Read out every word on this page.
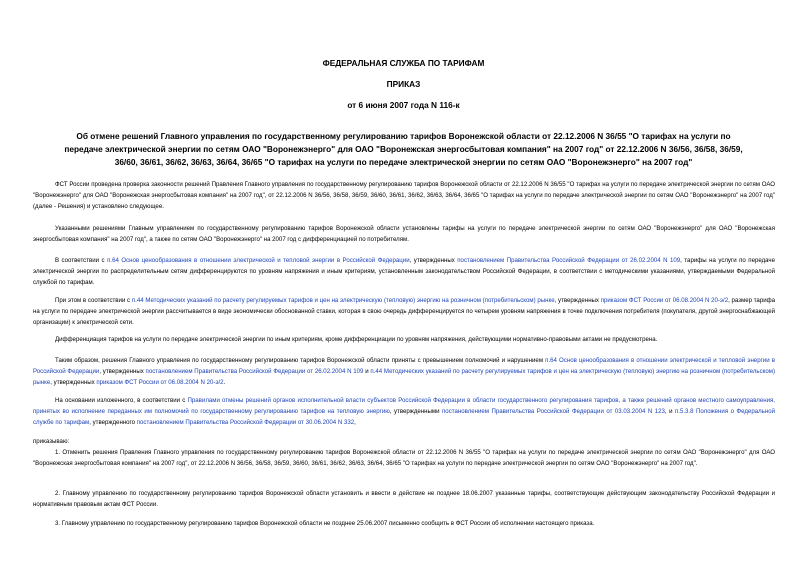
ФЕДЕРАЛЬНАЯ СЛУЖБА ПО ТАРИФАМ
ПРИКАЗ
от 6 июня 2007 года N 116-к
Об отмене решений Главного управления по государственному регулированию тарифов Воронежской области от 22.12.2006 N 36/55 "О тарифах на услуги по передаче электрической энергии по сетям ОАО "Воронежэнерго" для ОАО "Воронежская энергосбытовая компания" на 2007 год" от 22.12.2006 N 36/56, 36/58, 36/59, 36/60, 36/61, 36/62, 36/63, 36/64, 36/65 "О тарифах на услуги по передаче электрической энергии по сетям ОАО "Воронежэнерго" на 2007 год"
ФСТ России проведена проверка законности решений Правления Главного управления по государственному регулированию тарифов Воронежской области от 22.12.2006 N 36/55 "О тарифах на услуги по передаче электрической энергии по сетям ОАО "Воронежэнерго" для ОАО "Воронежская энергосбытовая компания" на 2007 год", от 22.12.2006 N 36/56, 36/58, 36/59, 36/60, 36/61, 36/62, 36/63, 36/64, 36/65 "О тарифах на услуги по передаче электрической энергии по сетям ОАО "Воронежэнерго" на 2007 год" (далее - Решения) и установлено следующее.
Указанными решениями Главным управлением по государственному регулированию тарифов Воронежской области установлены тарифы на услуги по передаче электрической энергии по сетям ОАО "Воронежэнерго" для ОАО "Воронежская энергосбытовая компания" на 2007 год", а также по сетям ОАО "Воронежэнерго" на 2007 год с дифференциацией по потребителям.
В соответствии с п.64 Основ ценообразования в отношении электрической и тепловой энергии в Российской Федерации, утвержденных постановлением Правительства Российской Федерации от 26.02.2004 N 109, тарифы на услуги по передаче электрической энергии по распределительным сетям дифференцируются по уровням напряжения и иным критериям, установленным законодательством Российской Федерации, в соответствии с методическими указаниями, утверждаемыми Федеральной службой по тарифам.
При этом в соответствии с п.44 Методических указаний по расчету регулируемых тарифов и цен на электрическую (тепловую) энергию на розничном (потребительском) рынке, утвержденных приказом ФСТ России от 06.08.2004 N 20-э/2, размер тарифа на услуги по передаче электрической энергии рассчитывается в виде экономически обоснованной ставки, которая в свою очередь дифференцируется по четырем уровням напряжения в точке подключения потребителя (покупателя, другой энергоснабжающей организации) к электрической сети.
Дифференциация тарифов на услуги по передаче электрической энергии по иным критериям, кроме дифференциации по уровням напряжения, действующими нормативно-правовыми актами не предусмотрена.
Таким образом, решения Главного управления по государственному регулированию тарифов Воронежской области приняты с превышением полномочий и нарушением п.64 Основ ценообразования в отношении электрической и тепловой энергии в Российской Федерации, утвержденных постановлением Правительства Российской Федерации от 26.02.2004 N 109 и п.44 Методических указаний по расчету регулируемых тарифов и цен на электрическую (тепловую) энергию на розничном (потребительском) рынке, утвержденных приказом ФСТ России от 06.08.2004 N 20-э/2.
На основании изложенного, в соответствии с Правилами отмены решений органов исполнительной власти субъектов Российской Федерации в области государственного регулирования тарифов, а также решений органов местного самоуправления, принятых во исполнение переданных им полномочий по государственному регулированию тарифов на тепловую энергию, утвержденными постановлением Правительства Российской Федерации от 03.03.2004 N 123, и п.5.3.8 Положения о Федеральной службе по тарифам, утвержденного постановлением Правительства Российской Федерации от 30.06.2004 N 332,
приказываю:
1. Отменить решения Правления Главного управления по государственному регулированию тарифов Воронежской области от 22.12.2006 N 36/55 "О тарифах на услуги по передаче электрической энергии по сетям ОАО "Воронежэнерго" для ОАО "Воронежская энергосбытовая компания" на 2007 год", от 22.12.2006 N 36/56, 36/58, 36/59, 36/60, 36/61, 36/62, 36/63, 36/64, 36/65 "О тарифах на услуги по передаче электрической энергии по сетям ОАО "Воронежэнерго" на 2007 год".
2. Главному управлению по государственному регулированию тарифов Воронежской области установить и ввести в действие не позднее 18.06.2007 указанные тарифы, соответствующие действующим законодательству Российской Федерации и нормативным правовым актам ФСТ России.
3. Главному управлению по государственному регулированию тарифов Воронежской области не позднее 25.06.2007 письменно сообщить в ФСТ России об исполнении настоящего приказа.
